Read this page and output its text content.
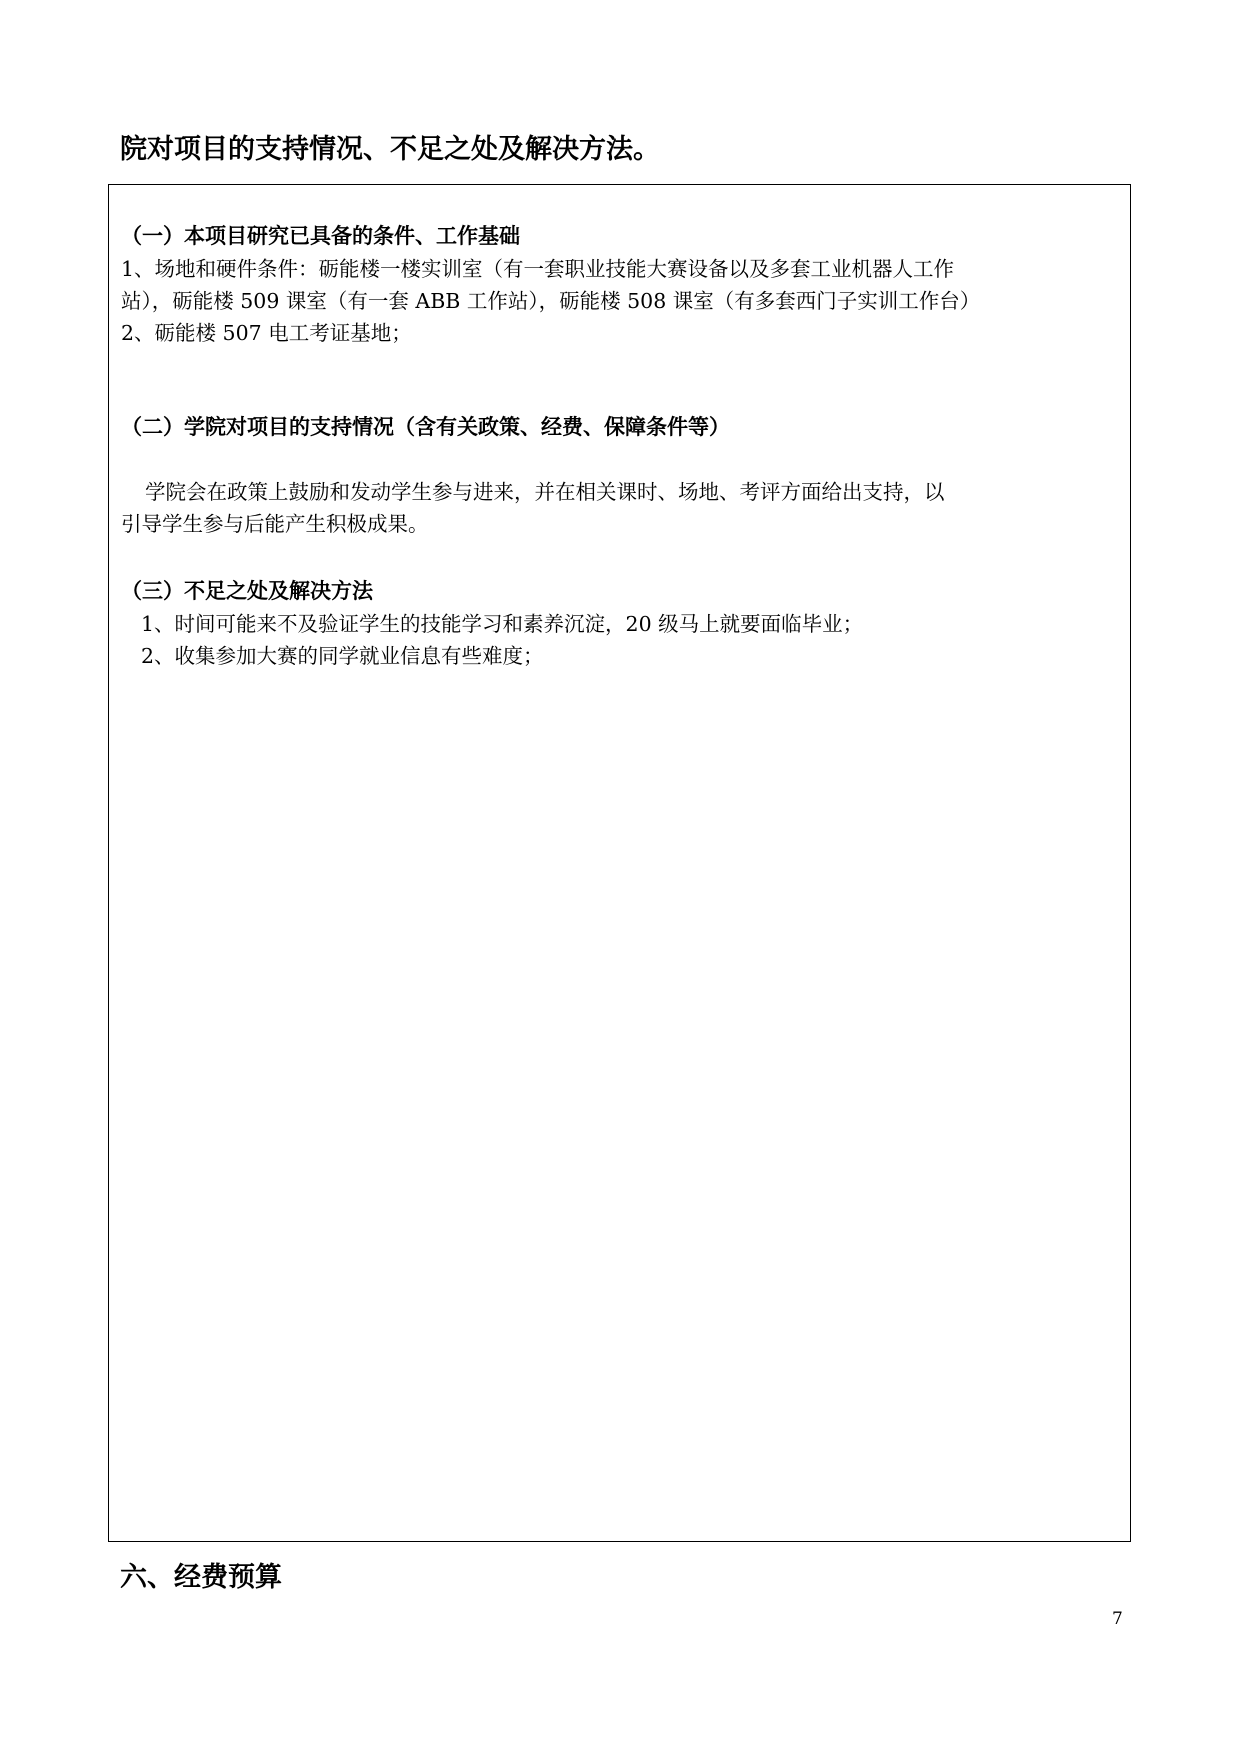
院对项目的支持情况、不足之处及解决方法。
（一）本项目研究已具备的条件、工作基础
1、场地和硬件条件：砺能楼一楼实训室（有一套职业技能大赛设备以及多套工业机器人工作
站），砺能楼 509 课室（有一套 ABB 工作站），砺能楼 508 课室（有多套西门子实训工作台）
2、砺能楼 507 电工考证基地；
（二）学院对项目的支持情况（含有关政策、经费、保障条件等）
学院会在政策上鼓励和发动学生参与进来，并在相关课时、场地、考评方面给出支持，以
引导学生参与后能产生积极成果。
（三）不足之处及解决方法
1、时间可能来不及验证学生的技能学习和素养沉淀，20 级马上就要面临毕业；
2、收集参加大赛的同学就业信息有些难度；
六、经费预算
7
